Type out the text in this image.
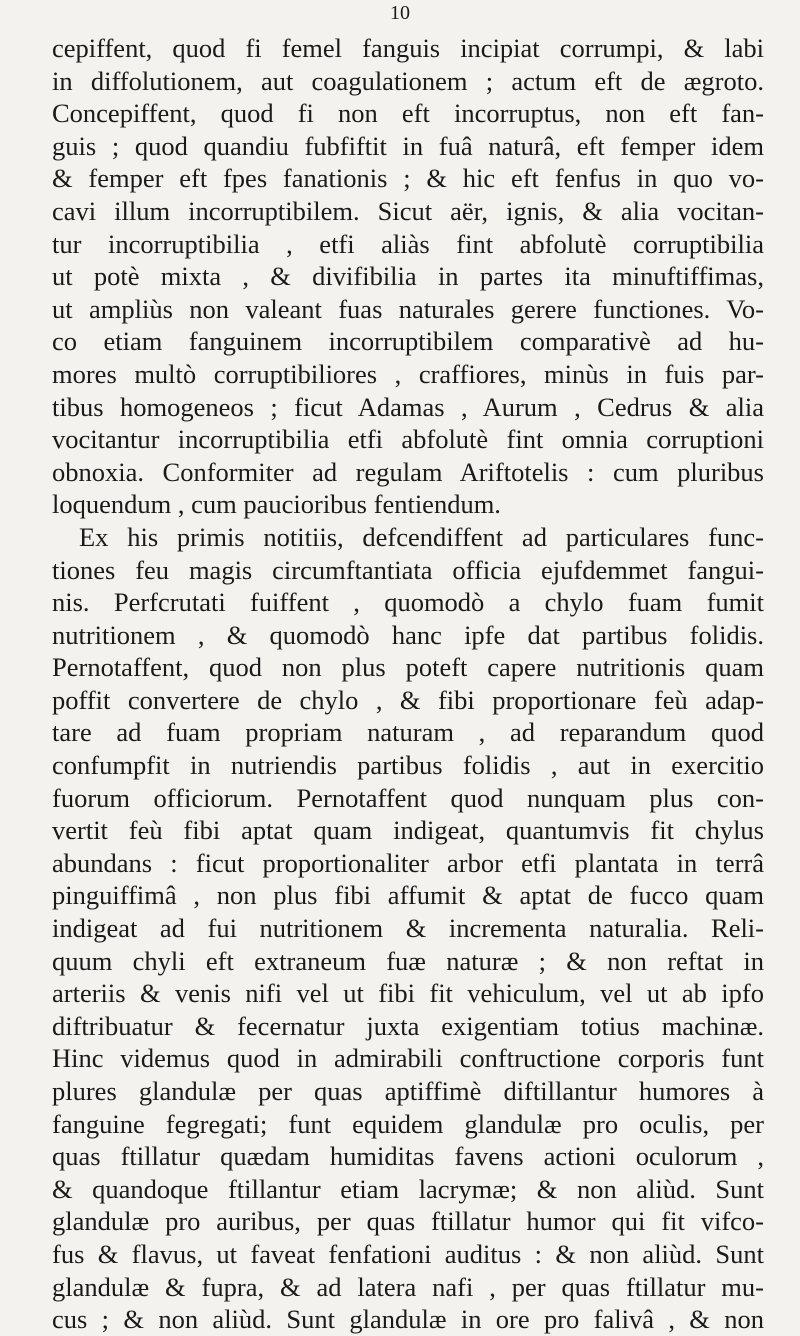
10
cepiffent, quod fi femel fanguis incipiat corrumpi, & labi
in diffolutionem, aut coagulationem ; actum eft de ægroto.
Concepiffent, quod fi non eft incorruptus, non eft fan-
guis ; quod quandiu fubfiftit in fuâ naturâ, eft femper idem
& femper eft fpes fanationis ; & hic eft fenfus in quo vo-
cavi illum incorruptibilem. Sicut aër, ignis, & alia vocitan-
tur incorruptibilia , etfi aliàs fint abfolutè corruptibilia
ut potè mixta , & divifibilia in partes ita minuftiffimas,
ut ampliùs non valeant fuas naturales gerere functiones. Vo-
co etiam fanguinem incorruptibilem comparativè ad hu-
mores multò corruptibiliores , craffiores, minùs in fuis par-
tibus homogeneos ; ficut Adamas , Aurum , Cedrus & alia
vocitantur incorruptibilia etfi abfolutè fint omnia corruptioni
obnoxia. Conformiter ad regulam Ariftotelis : cum pluribus
loquendum , cum paucioribus fentiendum.
Ex his primis notitiis, defcendiffent ad particulares func-
tiones feu magis circumftantiata officia ejufdemmet fangui-
nis. Perfcrutati fuiffent , quomodò a chylo fuam fumit
nutritionem , & quomodò hanc ipfe dat partibus folidis.
Pernotaffent, quod non plus poteft capere nutritionis quam
poffit convertere de chylo , & fibi proportionare feù adap-
tare ad fuam propriam naturam , ad reparandum quod
confumpfit in nutriendis partibus folidis , aut in exercitio
fuorum officiorum. Pernotaffent quod nunquam plus con-
vertit feù fibi aptat quam indigeat, quantumvis fit chylus
abundans : ficut proportionaliter arbor etfi plantata in terrâ
pinguiffimâ , non plus fibi affumit & aptat de fucco quam
indigeat ad fui nutritionem & incrementa naturalia. Reli-
quum chyli eft extraneum fuæ naturæ ; & non reftat in
arteriis & venis nifi vel ut fibi fit vehiculum, vel ut ab ipfo
diftribuatur & fecernatur juxta exigentiam totius machinæ.
Hinc videmus quod in admirabili conftructione corporis funt
plures glandulæ per quas aptiffimè diftillantur humores à
fanguine fegregati; funt equidem glandulæ pro oculis, per
quas ftillatur quædam humiditas favens actioni oculorum ,
& quandoque ftillantur etiam lacrymæ; & non aliùd. Sunt
glandulæ pro auribus, per quas ftillatur humor qui fit vifco-
fus & flavus, ut faveat fenfationi auditus : & non aliùd. Sunt
glandulæ & fupra, & ad latera nafi , per quas ftillatur mu-
cus ; & non aliùd. Sunt glandulæ in ore pro falivâ , & non
